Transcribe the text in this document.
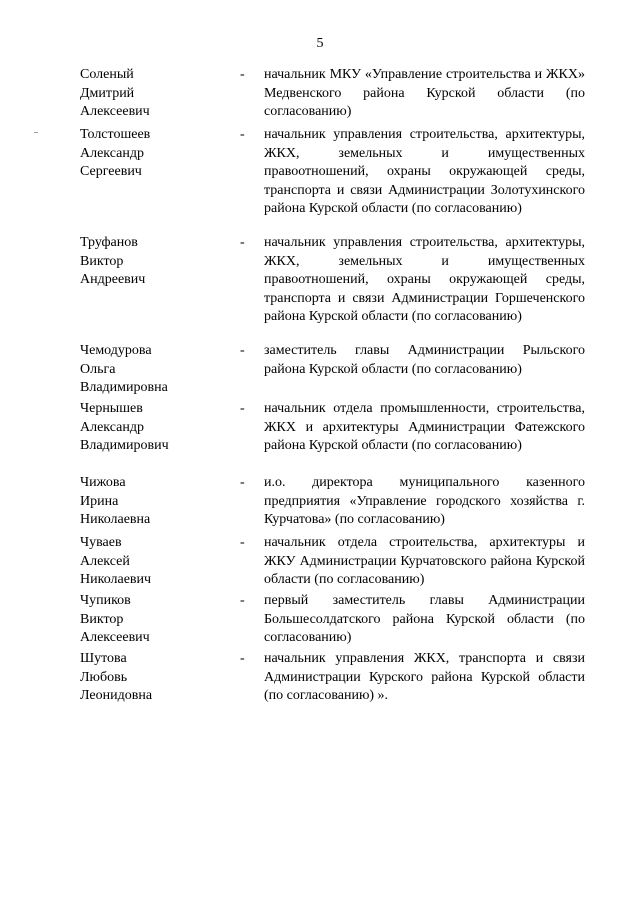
5
Соленый
Дмитрий
Алексеевич
-	начальник МКУ «Управление строительства и ЖКХ» Медвенского района Курской области (по согласованию)
Толстошеев
Александр
Сергеевич
-	начальник управления строительства, архитектуры, ЖКХ, земельных и имущественных правоотношений, охраны окружающей среды, транспорта и связи Администрации Золотухинского района Курской области (по согласованию)
Труфанов
Виктор
Андреевич
-	начальник управления строительства, архитектуры, ЖКХ, земельных и имущественных правоотношений, охраны окружающей среды, транспорта и связи Администрации Горшеченского района Курской области (по согласованию)
Чемодурова
Ольга
Владимировна
-	заместитель главы Администрации Рыльского района Курской области (по согласованию)
Чернышев
Александр
Владимирович
-	начальник отдела промышленности, строительства, ЖКХ и архитектуры Администрации Фатежского района Курской области (по согласованию)
Чижова
Ирина
Николаевна
-	и.о. директора муниципального казенного предприятия «Управление городского хозяйства г. Курчатова» (по согласованию)
Чуваев
Алексей
Николаевич
-	начальник отдела строительства, архитектуры и ЖКУ Администрации Курчатовского района Курской области (по согласованию)
Чупиков
Виктор
Алексеевич
-	первый заместитель главы Администрации Большесолдатского района Курской области (по согласованию)
Шутова
Любовь
Леонидовна
-	начальник управления ЖКХ, транспорта и связи Администрации Курского района Курской области (по согласованию) ».
